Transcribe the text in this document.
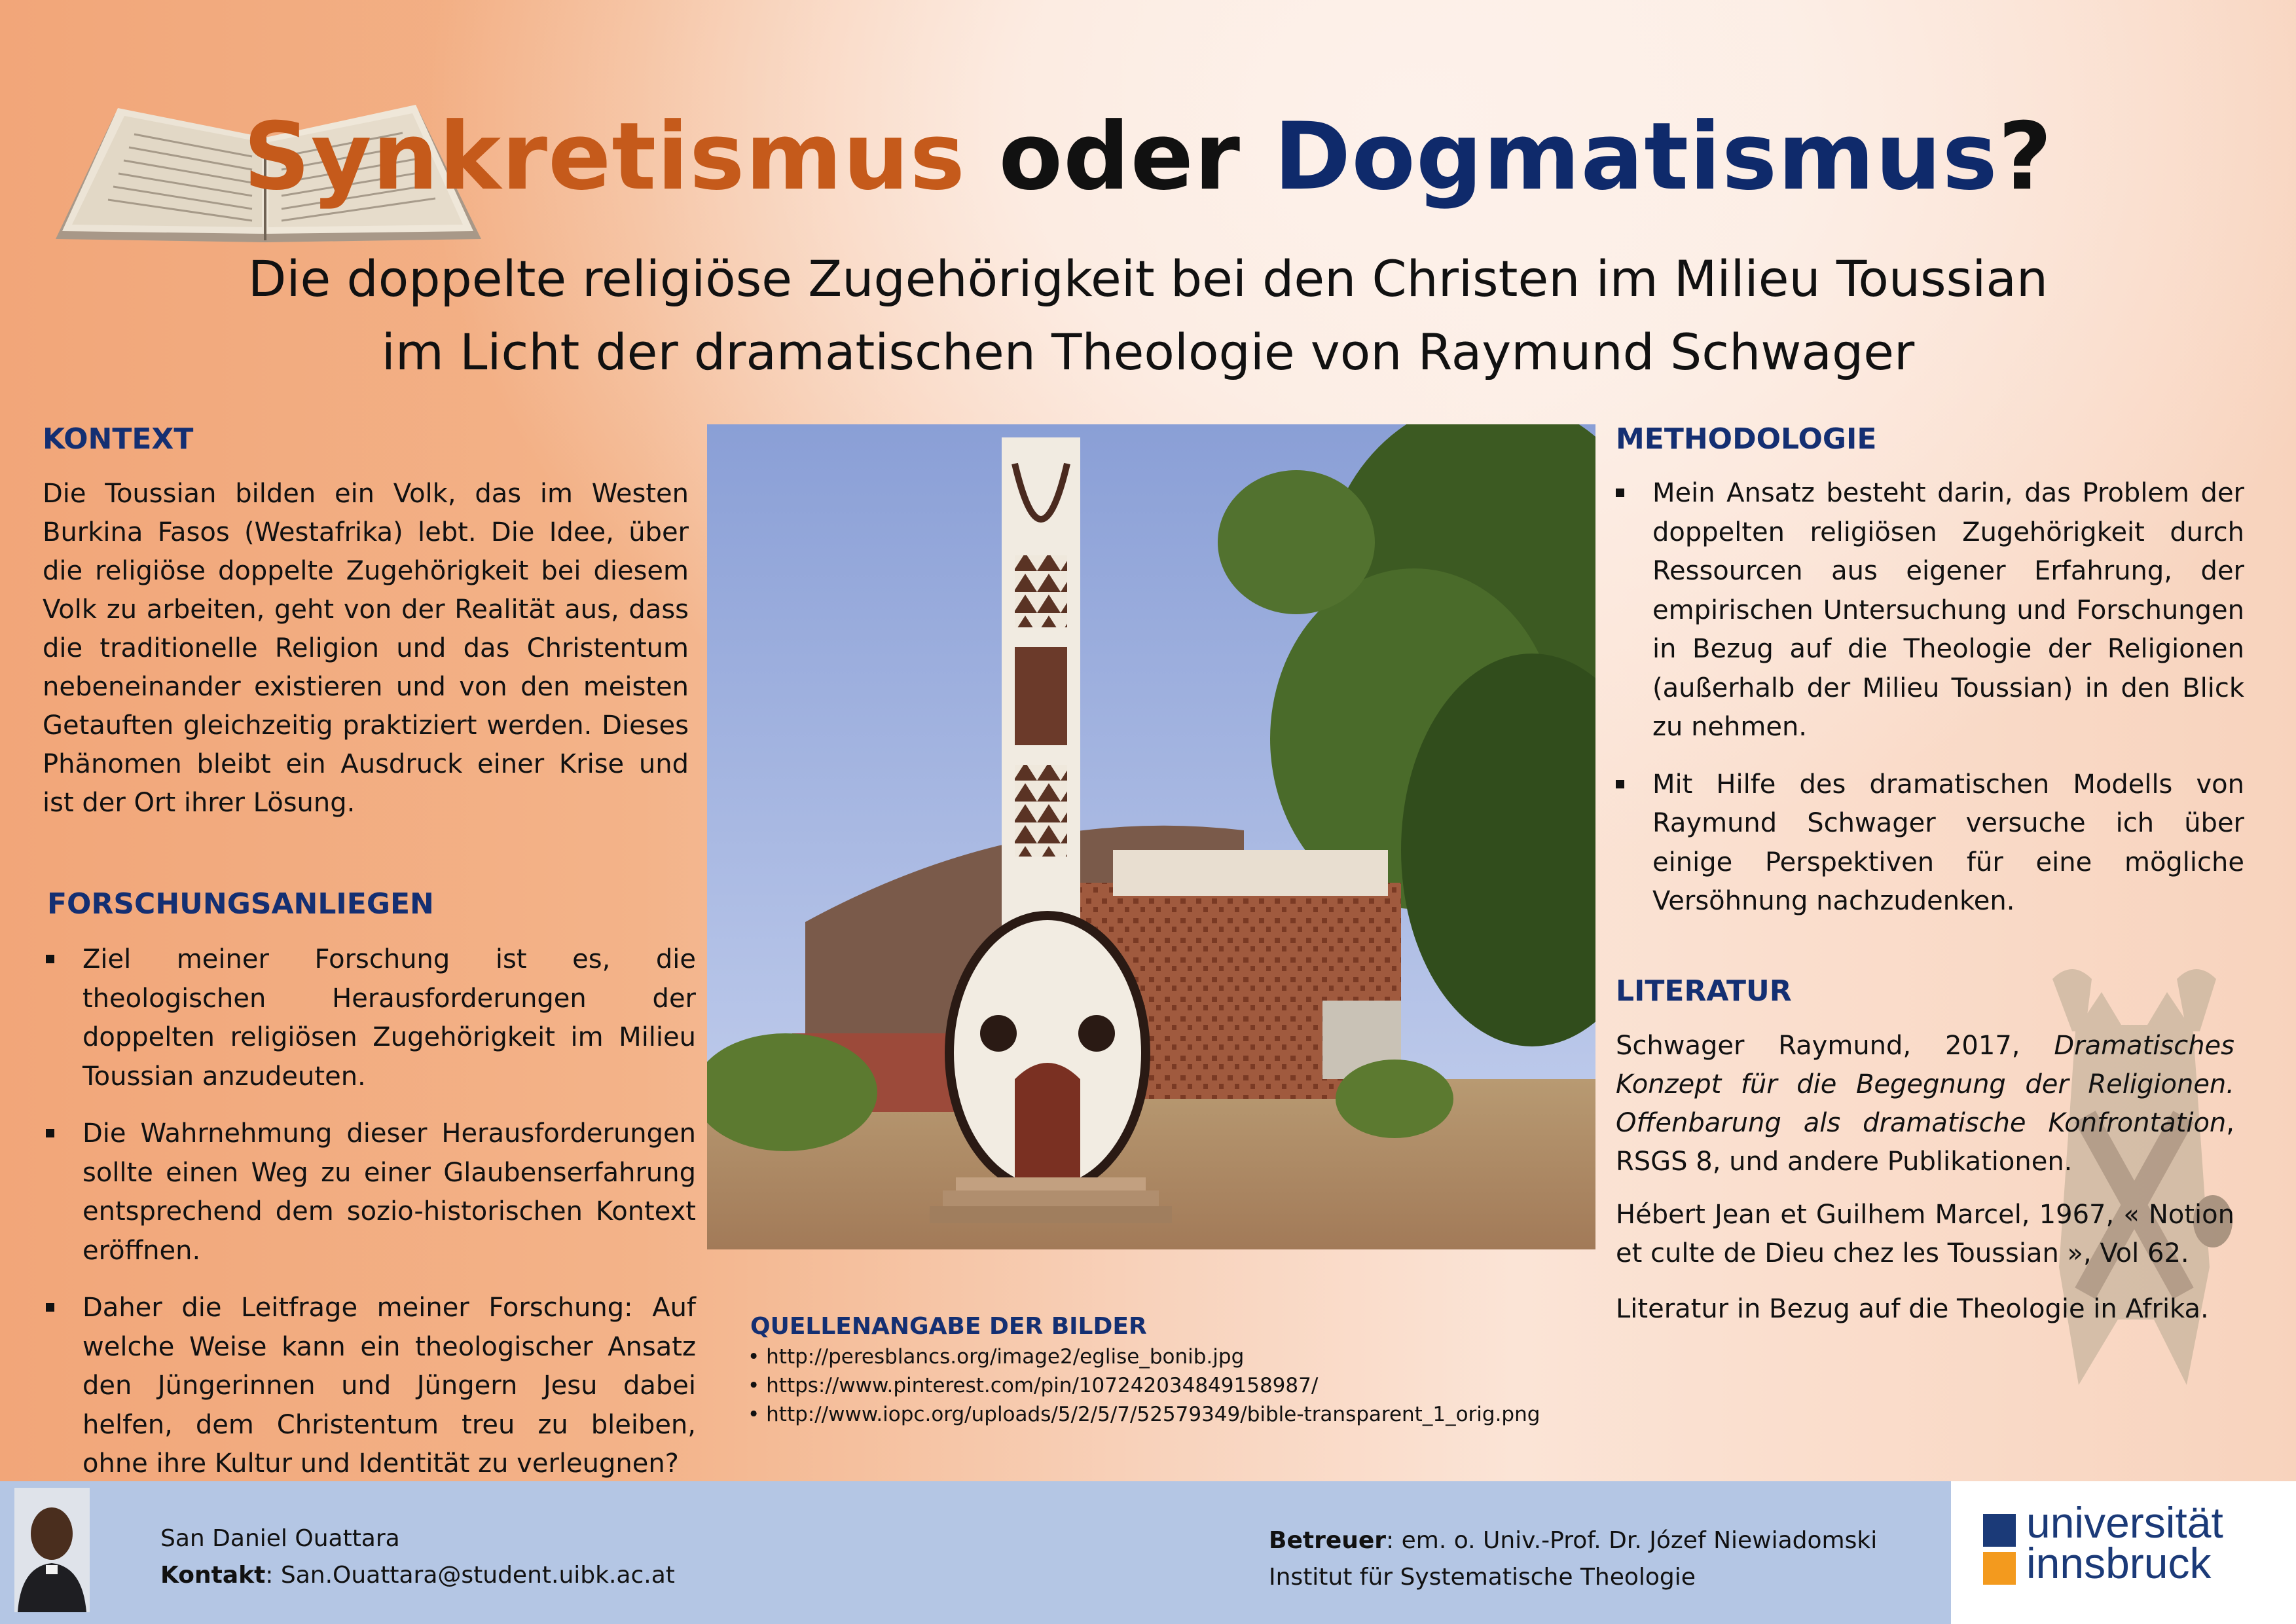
Synkretismus oder Dogmatismus?
Die doppelte religiöse Zugehörigkeit bei den Christen im Milieu Toussian
im Licht der dramatischen Theologie von Raymund Schwager
KONTEXT
Die Toussian bilden ein Volk, das im Westen Burkina Fasos (Westafrika) lebt. Die Idee, über die religiöse doppelte Zugehörigkeit bei diesem Volk zu arbeiten, geht von der Realität aus, dass die traditionelle Religion und das Christentum nebeneinander existieren und von den meisten Getauften gleichzeitig praktiziert werden. Dieses Phänomen bleibt ein Ausdruck einer Krise und ist der Ort ihrer Lösung.
FORSCHUNGSANLIEGEN
Ziel meiner Forschung ist es, die theologischen Herausforderungen der doppelten religiösen Zugehörigkeit im Milieu Toussian anzudeuten.
Die Wahrnehmung dieser Herausforderungen sollte einen Weg zu einer Glaubenserfahrung entsprechend dem sozio-historischen Kontext eröffnen.
Daher die Leitfrage meiner Forschung: Auf welche Weise kann ein theologischer Ansatz den Jüngerinnen und Jüngern Jesu dabei helfen, dem Christentum treu zu bleiben, ohne ihre Kultur und Identität zu verleugnen?
QUELLENANGABE DER BILDER
• http://peresblancs.org/image2/eglise_bonib.jpg
• https://www.pinterest.com/pin/107242034849158987/
• http://www.iopc.org/uploads/5/2/5/7/52579349/bible-transparent_1_orig.png
METHODOLOGIE
Mein Ansatz besteht darin, das Problem der doppelten religiösen Zugehörigkeit durch Ressourcen aus eigener Erfahrung, der empirischen Untersuchung und Forschungen in Bezug auf die Theologie der Religionen (außerhalb der Milieu Toussian) in den Blick zu nehmen.
Mit Hilfe des dramatischen Modells von Raymund Schwager versuche ich über einige Perspektiven für eine mögliche Versöhnung nachzudenken.
LITERATUR
Schwager Raymund, 2017, Dramatisches Konzept für die Begegnung der Religionen. Offenbarung als dramatische Konfrontation, RSGS 8, und andere Publikationen.
Hébert Jean et Guilhem Marcel, 1967, « Notion et culte de Dieu chez les Toussian », Vol 62.
Literatur in Bezug auf die Theologie in Afrika.
San Daniel Ouattara
Kontakt: San.Ouattara@student.uibk.ac.at
Betreuer: em. o. Univ.-Prof. Dr. Józef Niewiadomski
Institut für Systematische Theologie
universität
innsbruck
